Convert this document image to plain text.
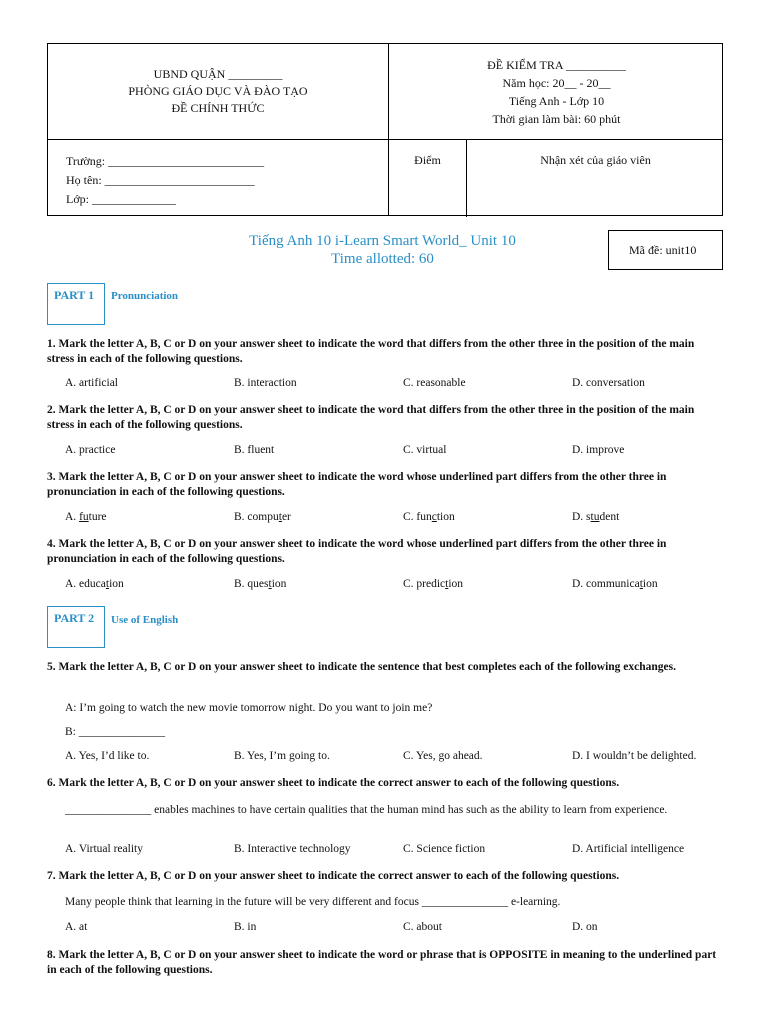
UBND QUẬN _________
PHÒNG GIÁO DỤC VÀ ĐÀO TẠO
ĐỀ CHÍNH THỨC
ĐỀ KIỂM TRA __________
Năm học: 20__ - 20__
Tiếng Anh - Lớp 10
Thời gian làm bài: 60 phút
Trường: __________________________
Họ tên: _________________________
Lớp: ______________
Điểm	Nhận xét của giáo viên
Tiếng Anh 10 i-Learn Smart World_ Unit 10
Time allotted: 60
Mã đề: unit10
PART 1	Pronunciation
1. Mark the letter A, B, C or D on your answer sheet to indicate the word that differs from the other three in the position of the main stress in each of the following questions.
A. artificial	B. interaction	C. reasonable	D. conversation
2. Mark the letter A, B, C or D on your answer sheet to indicate the word that differs from the other three in the position of the main stress in each of the following questions.
A. practice	B. fluent	C. virtual	D. improve
3. Mark the letter A, B, C or D on your answer sheet to indicate the word whose underlined part differs from the other three in pronunciation in each of the following questions.
A. future	B. computer	C. function	D. student
4. Mark the letter A, B, C or D on your answer sheet to indicate the word whose underlined part differs from the other three in pronunciation in each of the following questions.
A. education	B. question	C. prediction	D. communication
PART 2	Use of English
5. Mark the letter A, B, C or D on your answer sheet to indicate the sentence that best completes each of the following exchanges.
A: I’m going to watch the new movie tomorrow night. Do you want to join me?
B: _______________
A. Yes, I’d like to.	B. Yes, I’m going to.	C. Yes, go ahead.	D. I wouldn’t be delighted.
6. Mark the letter A, B, C or D on your answer sheet to indicate the correct answer to each of the following questions.
_______________ enables machines to have certain qualities that the human mind has such as the ability to learn from experience.
A. Virtual reality	B. Interactive technology	C. Science fiction	D. Artificial intelligence
7. Mark the letter A, B, C or D on your answer sheet to indicate the correct answer to each of the following questions.
Many people think that learning in the future will be very different and focus _______________ e-learning.
A. at	B. in	C. about	D. on
8. Mark the letter A, B, C or D on your answer sheet to indicate the word or phrase that is OPPOSITE in meaning to the underlined part in each of the following questions.
